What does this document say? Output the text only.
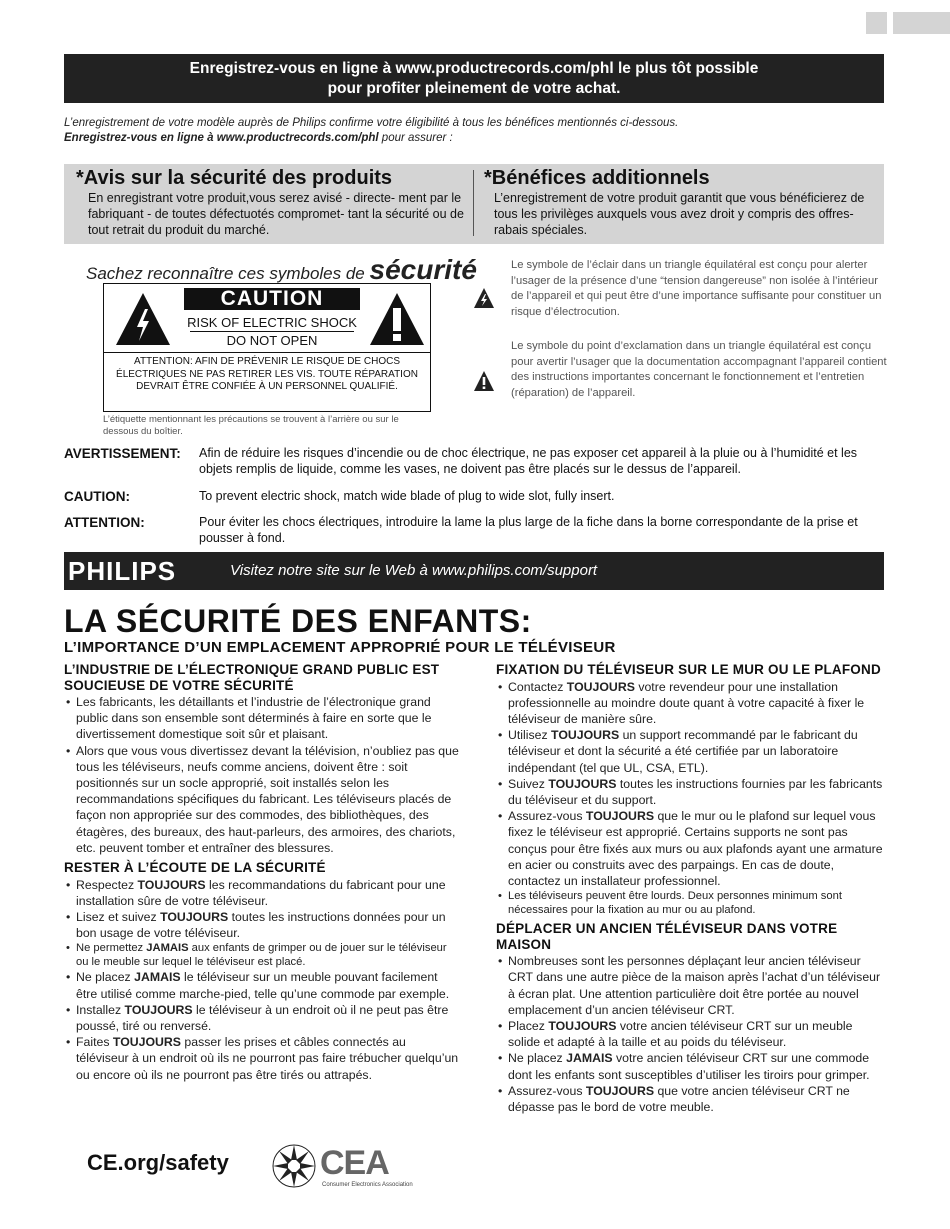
Enregistrez-vous en ligne à www.productrecords.com/phl le plus tôt possible
pour profiter pleinement de votre achat.
L’enregistrement de votre modèle auprès de Philips confirme votre éligibilité à tous les bénéfices mentionnés ci-dessous.
Enregistrez-vous en ligne à www.productrecords.com/phl pour assurer :
*Avis sur la sécurité des produits
En enregistrant votre produit,vous serez avisé - directe- ment par le fabriquant - de toutes défectuotés compromet- tant la sécurité ou de tout retrait du produit du marché.
*Bénéfices additionnels
L’enregistrement de votre produit garantit que vous bénéficierez de tous les privilèges auxquels vous avez droit y compris des offres-rabais spéciales.
Sachez reconnaître ces symboles de sécurité
CAUTION
RISK OF ELECTRIC SHOCK
DO NOT OPEN
ATTENTION: AFIN DE PRÉVENIR LE RISQUE DE CHOCS ÉLECTRIQUES NE PAS RETIRER LES VIS. TOUTE RÉPARATION DEVRAIT ÊTRE CONFIÉE À UN PERSONNEL QUALIFIÉ.
L’étiquette mentionnant les précautions se trouvent à l’arrière ou sur le dessous du boîtier.
Le symbole de l’éclair dans un triangle équilatéral est conçu pour alerter l’usager de la présence d’une “tension dangereuse” non isolée à l’intérieur de l’appareil et qui peut être d’une importance suffisante pour constituer un risque d’électrocution.
Le symbole du point d’exclamation dans un triangle équilatéral est conçu pour avertir l’usager que la documentation accompagnant l’appareil contient des instructions importantes concernant le fonctionnement et l’entretien (réparation) de l’appareil.
AVERTISSEMENT: Afin de réduire les risques d’incendie ou de choc électrique, ne pas exposer cet appareil à la pluie ou à l’humidité et les objets remplis de liquide, comme les vases, ne doivent pas être placés sur le dessus de l’appareil.
CAUTION:	To prevent electric shock, match wide blade of plug to wide slot, fully insert.
ATTENTION:	Pour éviter les chocs électriques, introduire la lame la plus large de la fiche dans la borne correspondante de la prise et pousser à fond.
PHILIPS	Visitez notre site sur le Web à www.philips.com/support
LA SÉCURITÉ DES ENFANTS:
L’IMPORTANCE D’UN EMPLACEMENT APPROPRIÉ POUR LE TÉLÉVISEUR
L’INDUSTRIE DE L’ÉLECTRONIQUE GRAND PUBLIC EST SOUCIEUSE DE VOTRE SÉCURITÉ
• Les fabricants, les détaillants et l’industrie de l’électronique grand public dans son ensemble sont déterminés à faire en sorte que le divertissement domestique soit sûr et plaisant.
• Alors que vous vous divertissez devant la télévision, n’oubliez pas que tous les téléviseurs, neufs comme anciens, doivent être : soit positionnés sur un socle approprié, soit installés selon les recommandations spécifiques du fabricant. Les téléviseurs placés de façon non appropriée sur des commodes, des bibliothèques, des étagères, des bureaux, des haut-parleurs, des armoires, des chariots, etc. peuvent tomber et entraîner des blessures.
RESTER À L’ÉCOUTE DE LA SÉCURITÉ
• Respectez TOUJOURS les recommandations du fabricant pour une installation sûre de votre téléviseur.
• Lisez et suivez TOUJOURS toutes les instructions données pour un bon usage de votre téléviseur.
• Ne permettez JAMAIS aux enfants de grimper ou de jouer sur le téléviseur ou le meuble sur lequel le téléviseur est placé.
• Ne placez JAMAIS le téléviseur sur un meuble pouvant facilement être utilisé comme marche-pied, telle qu’une commode par exemple.
• Installez TOUJOURS le téléviseur à un endroit où il ne peut pas être poussé, tiré ou renversé.
• Faites TOUJOURS passer les prises et câbles connectés au téléviseur à un endroit où ils ne pourront pas faire trébucher quelqu’un ou encore où ils ne pourront pas être tirés ou attrapés.
FIXATION DU TÉLÉVISEUR SUR LE MUR OU LE PLAFOND
• Contactez TOUJOURS votre revendeur pour une installation professionnelle au moindre doute quant à votre capacité à fixer le téléviseur de manière sûre.
• Utilisez TOUJOURS un support recommandé par le fabricant du téléviseur et dont la sécurité a été certifiée par un laboratoire indépendant (tel que UL, CSA, ETL).
• Suivez TOUJOURS toutes les instructions fournies par les fabricants du téléviseur et du support.
• Assurez-vous TOUJOURS que le mur ou le plafond sur lequel vous fixez le téléviseur est approprié. Certains supports ne sont pas conçus pour être fixés aux murs ou aux plafonds ayant une armature en acier ou construits avec des parpaings. En cas de doute, contactez un installateur professionnel.
• Les téléviseurs peuvent être lourds. Deux personnes minimum sont nécessaires pour la fixation au mur ou au plafond.
DÉPLACER UN ANCIEN TÉLÉVISEUR DANS VOTRE MAISON
• Nombreuses sont les personnes déplaçant leur ancien téléviseur CRT dans une autre pièce de la maison après l’achat d’un téléviseur à écran plat. Une attention particulière doit être portée au nouvel emplacement d’un ancien téléviseur CRT.
• Placez TOUJOURS votre ancien téléviseur CRT sur un meuble solide et adapté à la taille et au poids du téléviseur.
• Ne placez JAMAIS votre ancien téléviseur CRT sur une commode dont les enfants sont susceptibles d’utiliser les tiroirs pour grimper.
• Assurez-vous TOUJOURS que votre ancien téléviseur CRT ne dépasse pas le bord de votre meuble.
CE.org/safety	CEA
Consumer Electronics Association
